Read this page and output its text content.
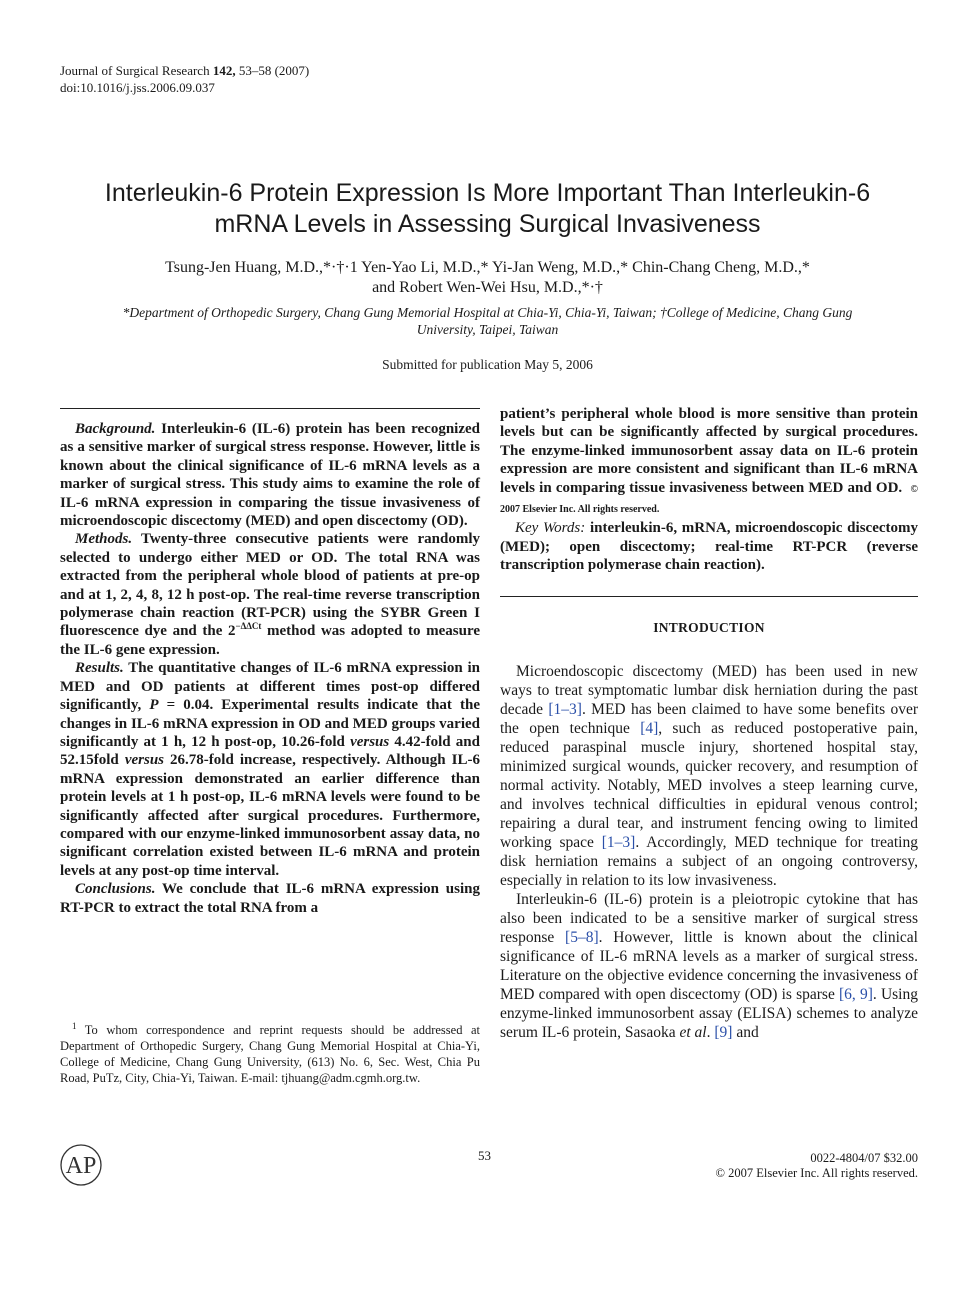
Journal of Surgical Research 142, 53–58 (2007)
doi:10.1016/j.jss.2006.09.037
Interleukin-6 Protein Expression Is More Important Than Interleukin-6
mRNA Levels in Assessing Surgical Invasiveness
Tsung-Jen Huang, M.D.,*·†·1 Yen-Yao Li, M.D.,* Yi-Jan Weng, M.D.,* Chin-Chang Cheng, M.D.,*
and Robert Wen-Wei Hsu, M.D.,*·†
*Department of Orthopedic Surgery, Chang Gung Memorial Hospital at Chia-Yi, Chia-Yi, Taiwan; †College of Medicine, Chang Gung
University, Taipei, Taiwan
Submitted for publication May 5, 2006

Background. Interleukin-6 (IL-6) protein has been recognized as a sensitive marker of surgical stress response. However, little is known about the clinical significance of IL-6 mRNA levels as a marker of surgical stress. This study aims to examine the role of IL-6 mRNA expression in comparing the tissue invasiveness of microendoscopic discectomy (MED) and open discectomy (OD).

Methods. Twenty-three consecutive patients were randomly selected to undergo either MED or OD. The total RNA was extracted from the peripheral whole blood of patients at pre-op and at 1, 2, 4, 8, 12 h post-op. The real-time reverse transcription polymerase chain reaction (RT-PCR) using the SYBR Green I fluorescence dye and the $2^{-\Delta\Delta Ct}$ method was adopted to measure the IL-6 gene expression.

Results. The quantitative changes of IL-6 mRNA expression in MED and OD patients at different times post-op differed significantly, P = 0.04. Experimental results indicate that the changes in IL-6 mRNA expression in OD and MED groups varied significantly at 1 h, 12 h post-op, 10.26-fold versus 4.42-fold and 52.15fold versus 26.78-fold increase, respectively. Although IL-6 mRNA expression demonstrated an earlier difference than protein levels at 1 h post-op, IL-6 mRNA levels were found to be significantly affected after surgical procedures. Furthermore, compared with our enzyme-linked immunosorbent assay data, no significant correlation existed between IL-6 mRNA and protein levels at any post-op time interval.

Conclusions. We conclude that IL-6 mRNA expression using RT-PCR to extract the total RNA from a

$^1$ To whom correspondence and reprint requests should be addressed at Department of Orthopedic Surgery, Chang Gung Memorial Hospital at Chia-Yi, College of Medicine, Chang Gung University, (613) No. 6, Sec. West, Chia Pu Road, PuTz, City, Chia-Yi, Taiwan. E-mail: tjhuang@adm.cgmh.org.tw.

patient’s peripheral whole blood is more sensitive than protein levels but can be significantly affected by surgical procedures. The enzyme-linked immunosorbent assay data on IL-6 protein expression are more consistent and significant than IL-6 mRNA levels in comparing tissue invasiveness between MED and OD. © 2007 Elsevier Inc. All rights reserved.

Key Words: interleukin-6, mRNA, microendoscopic discectomy (MED); open discectomy; real-time RT-PCR (reverse transcription polymerase chain reaction).

INTRODUCTION

Microendoscopic discectomy (MED) has been used in new ways to treat symptomatic lumbar disk herniation during the past decade [1–3]. MED has been claimed to have some benefits over the open technique [4], such as reduced postoperative pain, reduced paraspinal muscle injury, shortened hospital stay, minimized surgical wounds, quicker recovery, and resumption of normal activity. Notably, MED involves a steep learning curve, and involves technical difficulties in epidural venous control; repairing a dural tear, and instrument fencing owing to limited working space [1–3]. Accordingly, MED technique for treating disk herniation remains a subject of an ongoing controversy, especially in relation to its low invasiveness.

Interleukin-6 (IL-6) protein is a pleiotropic cytokine that has also been indicated to be a sensitive marker of surgical stress response [5–8]. However, little is known about the clinical significance of IL-6 mRNA levels as a marker of surgical stress. Literature on the objective evidence concerning the invasiveness of MED compared with open discectomy (OD) is sparse [6, 9]. Using enzyme-linked immunosorbent assay (ELISA) schemes to analyze serum IL-6 protein, Sasaoka et al. [9] and

AP	53	0022-4804/07 $32.00
© 2007 Elsevier Inc. All rights reserved.
